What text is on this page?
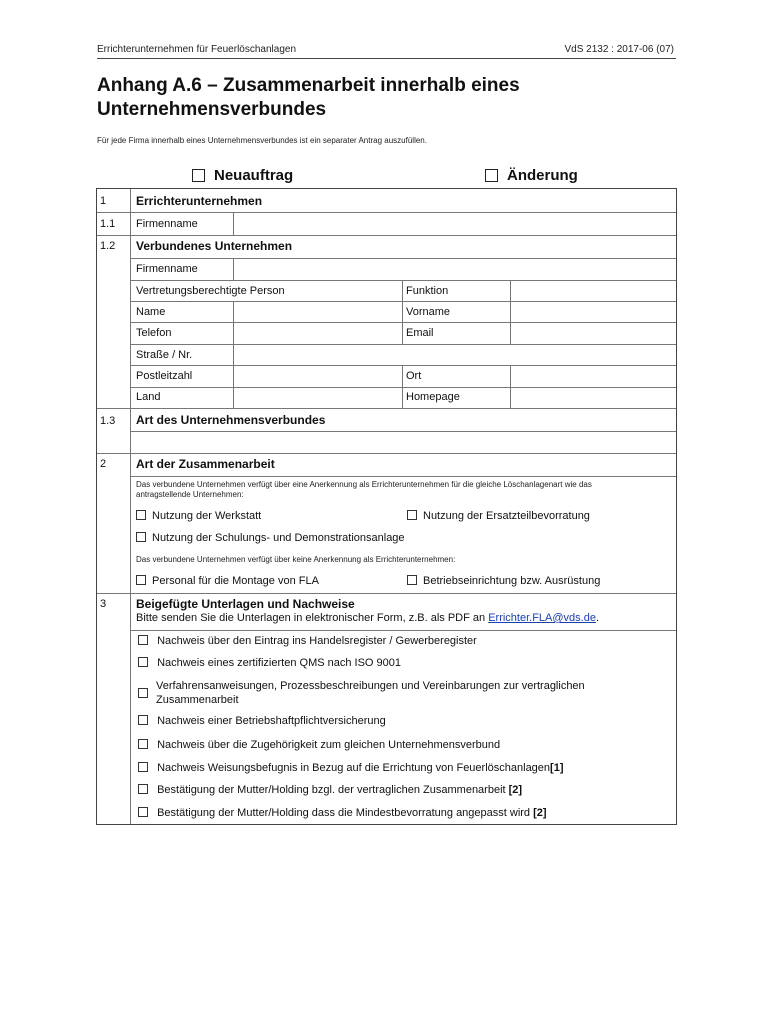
Errichterunternehmen für Feuerlöschanlagen	VdS 2132 : 2017-06 (07)
Anhang A.6 – Zusammenarbeit innerhalb eines
Unternehmensverbundes
Für jede Firma innerhalb eines Unternehmensverbundes ist ein separater Antrag auszufüllen.
Neuauftrag	Änderung
1 Errichterunternehmen
1.1 Firmenname
1.2 Verbundenes Unternehmen
Firmenname
Vertretungsberechtigte Person	Funktion
Name	Vorname
Telefon	Email
Straße / Nr.
Postleitzahl	Ort
Land	Homepage
1.3 Art des Unternehmensverbundes
2 Art der Zusammenarbeit
Das verbundene Unternehmen verfügt über eine Anerkennung als Errichterunternehmen für die gleiche Löschanlagenart wie das
antragstellende Unternehmen:
Nutzung der Werkstatt	Nutzung der Ersatzteilbevorratung
Nutzung der Schulungs- und Demonstrationsanlage
Das verbundene Unternehmen verfügt über keine Anerkennung als Errichterunternehmen:
Personal für die Montage von FLA	Betriebseinrichtung bzw. Ausrüstung
3 Beigefügte Unterlagen und Nachweise
Bitte senden Sie die Unterlagen in elektronischer Form, z.B. als PDF an Errichter.FLA@vds.de.
Nachweis über den Eintrag ins Handelsregister / Gewerberegister
Nachweis eines zertifizierten QMS nach ISO 9001
Verfahrensanweisungen, Prozessbeschreibungen und Vereinbarungen zur vertraglichen
Zusammenarbeit
Nachweis einer Betriebshaftpflichtversicherung
Nachweis über die Zugehörigkeit zum gleichen Unternehmensverbund
Nachweis Weisungsbefugnis in Bezug auf die Errichtung von Feuerlöschanlagen[1]
Bestätigung der Mutter/Holding bzgl. der vertraglichen Zusammenarbeit [2]
Bestätigung der Mutter/Holding dass die Mindestbevorratung angepasst wird [2]
